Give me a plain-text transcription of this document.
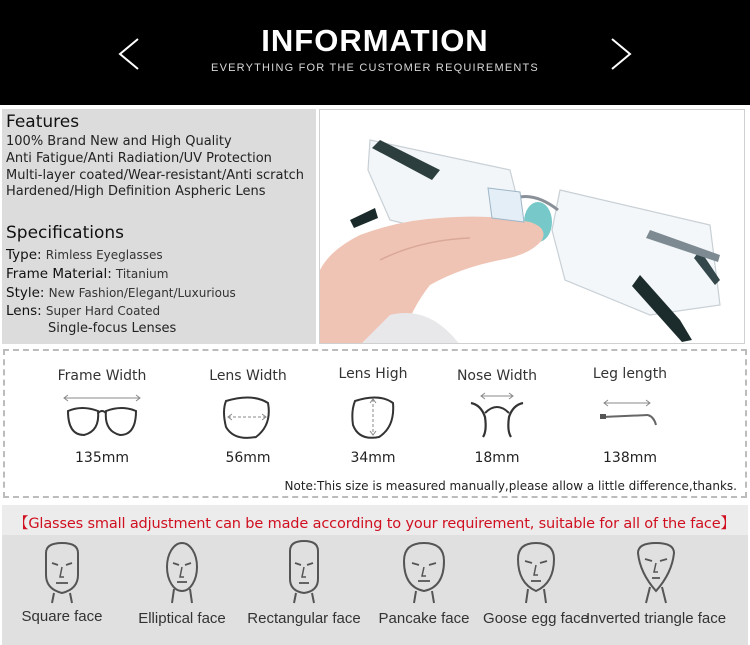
INFORMATION
EVERYTHING FOR THE CUSTOMER REQUIREMENTS
Features
100% Brand New and High Quality
Anti Fatigue/Anti Radiation/UV Protection
Multi-layer coated/Wear-resistant/Anti scratch
Hardened/High Definition Aspheric Lens
Specifications
Type: Rimless Eyeglasses
Frame Material: Titanium
Style: New Fashion/Elegant/Luxurious
Lens: Super Hard Coated
Single-focus Lenses
Frame Width
135mm
Lens Width
56mm
Lens High
34mm
Nose Width
18mm
Leg length
138mm
Note:This size is measured manually,please allow a little difference,thanks.
【Glasses small adjustment can be made according to your requirement, suitable for all of the face】
Square face	Elliptical face	Rectangular face	Pancake face Goose egg face
Inverted triangle face
